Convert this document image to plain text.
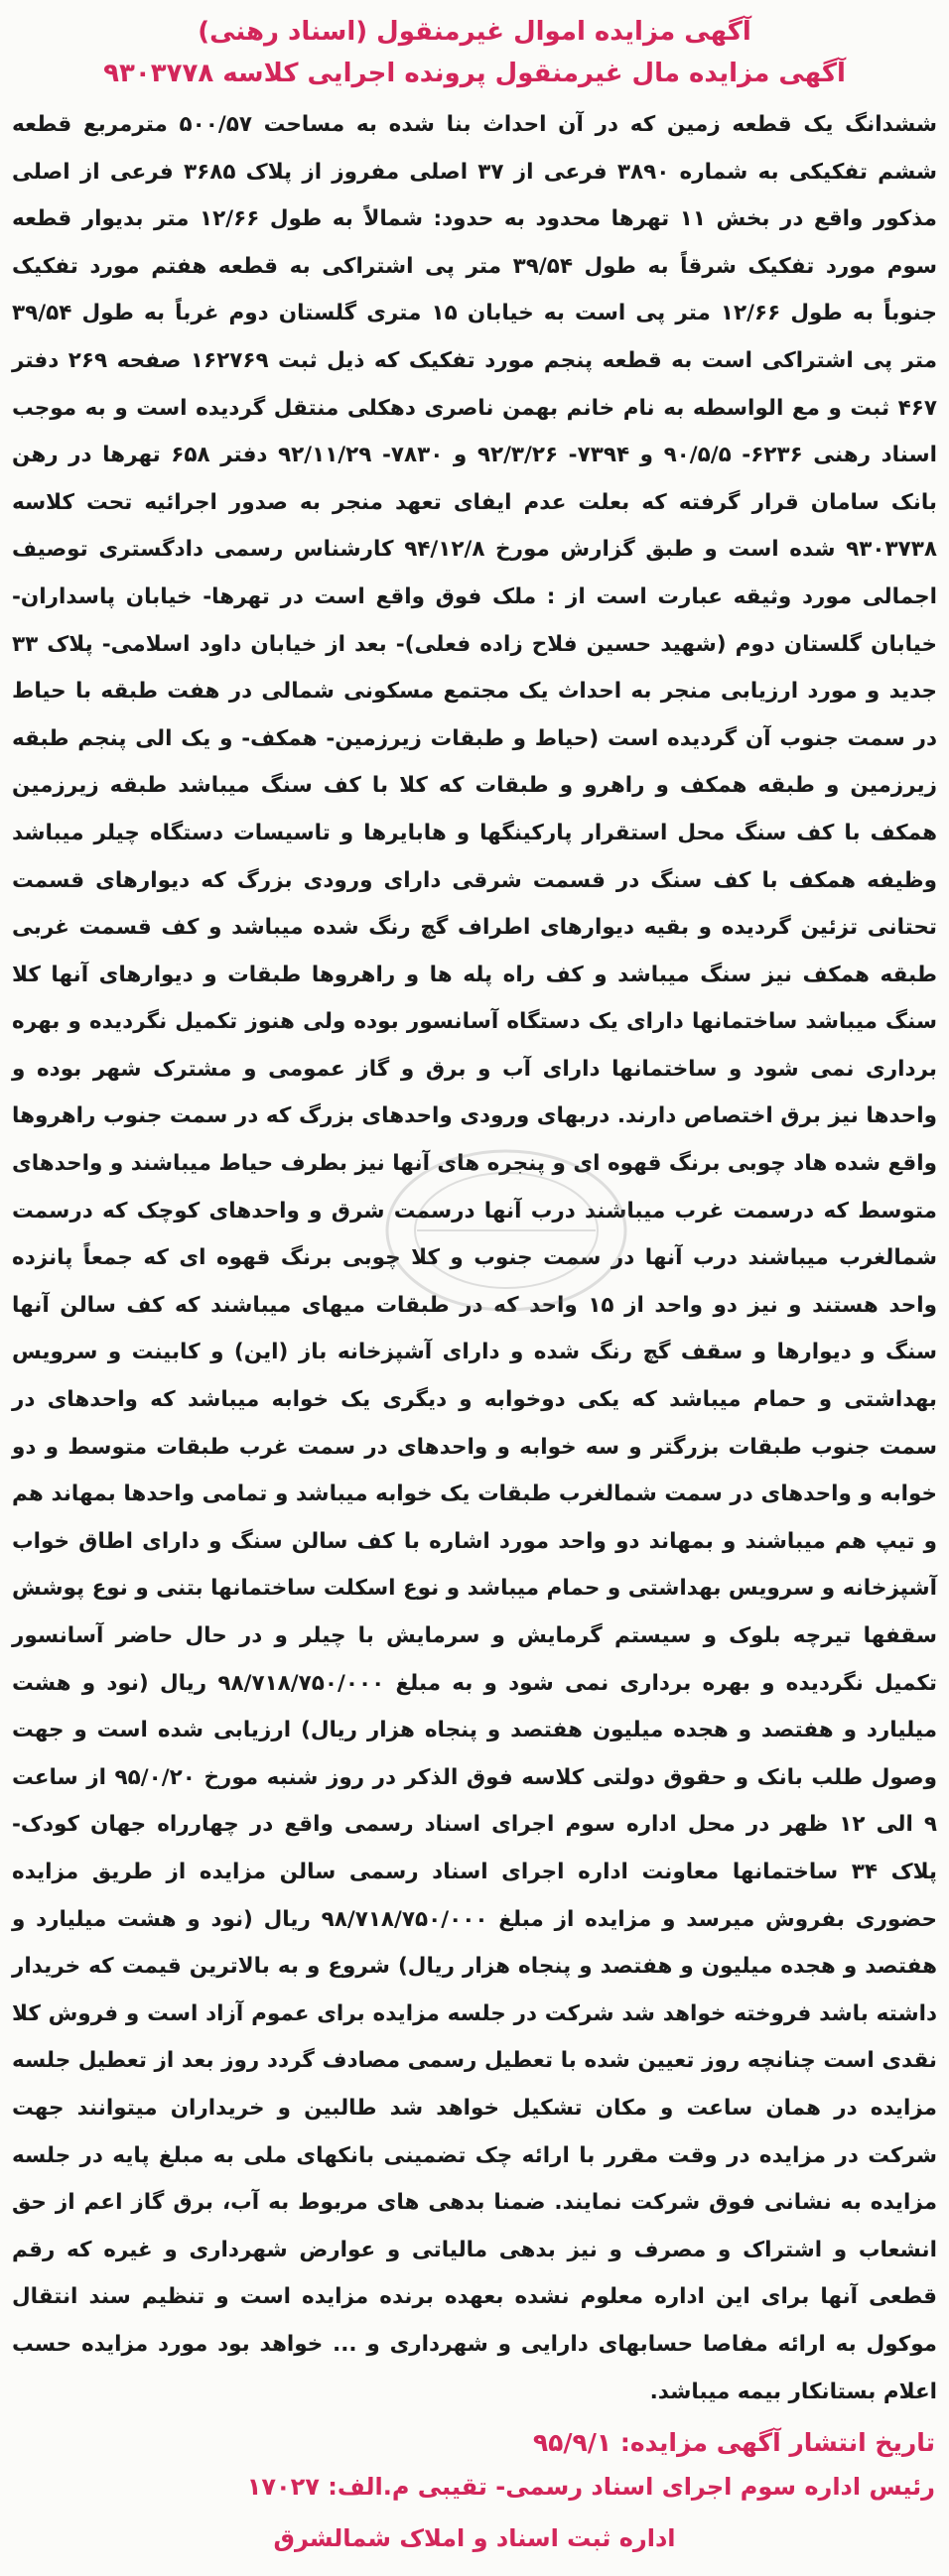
آگهی مزایده اموال غیرمنقول (اسناد رهنی)
آگهی مزایده مال غیرمنقول پرونده اجرایی کلاسه ۹۳۰۳۷۷۸

ششدانگ یک قطعه زمین که در آن احداث بنا شده به مساحت ۵۰۰/۵۷ مترمربع قطعه ششم تفکیکی به شماره ۳۸۹۰ فرعی از ۳۷ اصلی مفروز از پلاک ۳۶۸۵ فرعی از اصلی مذکور واقع در بخش ۱۱ تهرها محدود به حدود: شمالاً به طول ۱۲/۶۶ متر بدیوار قطعه سوم مورد تفکیک شرقاً به طول ۳۹/۵۴ متر پی اشتراکی به قطعه هفتم مورد تفکیک جنوباً به طول ۱۲/۶۶ متر پی است به خیابان ۱۵ متری گلستان دوم غرباً به طول ۳۹/۵۴ متر پی اشتراکی است به قطعه پنجم مورد تفکیک که ذیل ثبت ۱۶۲۷۶۹ صفحه ۲۶۹ دفتر ۴۶۷ ثبت و مع الواسطه به نام خانم بهمن ناصری دهکلی منتقل گردیده است و به موجب اسناد رهنی ۶۲۳۶- ۹۰/۵/۵ و ۷۳۹۴- ۹۲/۳/۲۶ و ۷۸۳۰- ۹۲/۱۱/۲۹ دفتر ۶۵۸ تهرها در رهن بانک سامان قرار گرفته که بعلت عدم ایفای تعهد منجر به صدور اجرائیه تحت کلاسه ۹۳۰۳۷۳۸ شده است و طبق گزارش مورخ ۹۴/۱۲/۸ کارشناس رسمی دادگستری توصیف اجمالی مورد وثیقه عبارت است از : ملک فوق واقع است در تهرها- خیابان پاسداران- خیابان گلستان دوم (شهید حسین فلاح زاده فعلی)- بعد از خیابان داود اسلامی- پلاک ۳۳ جدید و مورد ارزیابی منجر به احداث یک مجتمع مسکونی شمالی در هفت طبقه با حیاط در سمت جنوب آن گردیده است (حیاط و طبقات زیرزمین- همکف- و یک الی پنجم طبقه زیرزمین و طبقه همکف و راهرو و طبقات که کلا با کف سنگ میباشد طبقه زیرزمین همکف با کف سنگ محل استقرار پارکینگها و هابایرها و تاسیسات دستگاه چیلر میباشد وظیفه همکف با کف سنگ در قسمت شرقی دارای ورودی بزرگ که دیوارهای قسمت تحتانی تزئین گردیده و بقیه دیوارهای اطراف گچ رنگ شده میباشد و کف قسمت غربی طبقه همکف نیز سنگ میباشد و کف راه پله ها و راهروها طبقات و دیوارهای آنها کلا سنگ میباشد ساختمانها دارای یک دستگاه آسانسور بوده ولی هنوز تکمیل نگردیده و بهره برداری نمی شود و ساختمانها دارای آب و برق و گاز عمومی و مشترک شهر بوده و واحدها نیز برق اختصاص دارند. دربهای ورودی واحدهای بزرگ که در سمت جنوب راهروها واقع شده هاد چوبی برنگ قهوه ای و پنجره های آنها نیز بطرف حیاط میباشند و واحدهای متوسط که درسمت غرب میباشند درب آنها درسمت شرق و واحدهای کوچک که درسمت شمالغرب میباشند درب آنها در سمت جنوب و کلا چوبی برنگ قهوه ای که جمعاً پانزده واحد هستند و نیز دو واحد از ۱۵ واحد که در طبقات میهای میباشند که کف سالن آنها سنگ و دیوارها و سقف گچ رنگ شده و دارای آشپزخانه باز (این) و کابینت و سرویس بهداشتی و حمام میباشد که یکی دوخوابه و دیگری یک خوابه میباشد که واحدهای در سمت جنوب طبقات بزرگتر و سه خوابه و واحدهای در سمت غرب طبقات متوسط و دو خوابه و واحدهای در سمت شمالغرب طبقات یک خوابه میباشد و تمامی واحدها بمهاند هم و تیپ هم میباشند و بمهاند دو واحد مورد اشاره با کف سالن سنگ و دارای اطاق خواب آشپزخانه و سرویس بهداشتی و حمام میباشد و نوع اسکلت ساختمانها بتنی و نوع پوشش سقفها تیرچه بلوک و سیستم گرمایش و سرمایش با چیلر و در حال حاضر آسانسور تکمیل نگردیده و بهره برداری نمی شود و به مبلغ ۹۸/۷۱۸/۷۵۰/۰۰۰ ریال (نود و هشت میلیارد و هفتصد و هجده میلیون هفتصد و پنجاه هزار ریال) ارزیابی شده است و جهت وصول طلب بانک و حقوق دولتی کلاسه فوق الذکر در روز شنبه مورخ ۹۵/۰/۲۰ از ساعت ۹ الی ۱۲ ظهر در محل اداره سوم اجرای اسناد رسمی واقع در چهارراه جهان کودک- پلاک ۳۴ ساختمانها معاونت اداره اجرای اسناد رسمی سالن مزایده از طریق مزایده حضوری بفروش میرسد و مزایده از مبلغ ۹۸/۷۱۸/۷۵۰/۰۰۰ ریال (نود و هشت میلیارد و هفتصد و هجده میلیون و هفتصد و پنجاه هزار ریال) شروع و به بالاترین قیمت که خریدار داشته باشد فروخته خواهد شد شرکت در جلسه مزایده برای عموم آزاد است و فروش کلا نقدی است چنانچه روز تعیین شده با تعطیل رسمی مصادف گردد روز بعد از تعطیل جلسه مزایده در همان ساعت و مکان تشکیل خواهد شد طالبین و خریداران میتوانند جهت شرکت در مزایده در وقت مقرر با ارائه چک تضمینی بانکهای ملی به مبلغ پایه در جلسه مزایده به نشانی فوق شرکت نمایند. ضمنا بدهی های مربوط به آب، برق گاز اعم از حق انشعاب و اشتراک و مصرف و نیز بدهی مالیاتی و عوارض شهرداری و غیره که رقم قطعی آنها برای این اداره معلوم نشده بعهده برنده مزایده است و تنظیم سند انتقال موکول به ارائه مفاصا حسابهای دارایی و شهرداری و ... خواهد بود مورد مزایده حسب اعلام بستانکار بیمه میباشد.

تاریخ انتشار آگهی مزایده: ۹۵/۹/۱
رئیس اداره سوم اجرای اسناد رسمی- تقیبی م.الف: ۱۷۰۲۷
اداره ثبت اسناد و املاک شمالشرق
